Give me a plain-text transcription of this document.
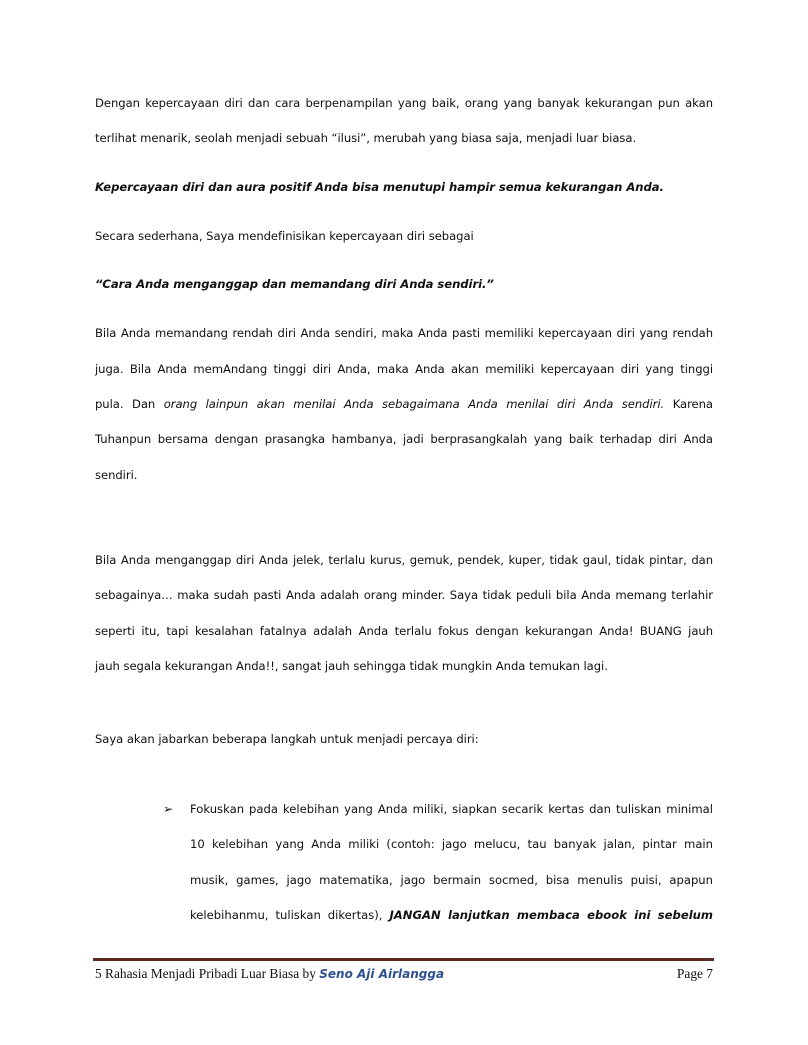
Dengan kepercayaan diri dan cara berpenampilan yang baik, orang yang banyak kekurangan pun akan
terlihat menarik, seolah menjadi sebuah “ilusi”, merubah yang biasa saja, menjadi luar biasa.
Kepercayaan diri dan aura positif Anda bisa menutupi hampir semua kekurangan Anda.
Secara sederhana, Saya mendefinisikan kepercayaan diri sebagai
“Cara Anda menganggap dan memandang diri Anda sendiri.”
Bila Anda memandang rendah diri Anda sendiri, maka Anda pasti memiliki kepercayaan diri yang rendah
juga. Bila Anda memAndang tinggi diri Anda, maka Anda akan memiliki kepercayaan diri yang tinggi
pula. Dan orang lainpun akan menilai Anda sebagaimana Anda menilai diri Anda sendiri. Karena
Tuhanpun bersama dengan prasangka hambanya, jadi berprasangkalah yang baik terhadap diri Anda
sendiri.
Bila Anda menganggap diri Anda jelek, terlalu kurus, gemuk, pendek, kuper, tidak gaul, tidak pintar, dan
sebagainya… maka sudah pasti Anda adalah orang minder. Saya tidak peduli bila Anda memang terlahir
seperti itu, tapi kesalahan fatalnya adalah Anda terlalu fokus dengan kekurangan Anda! BUANG jauh
jauh segala kekurangan Anda!!, sangat jauh sehingga tidak mungkin Anda temukan lagi.
Saya akan jabarkan beberapa langkah untuk menjadi percaya diri:
➢ Fokuskan pada kelebihan yang Anda miliki, siapkan secarik kertas dan tuliskan minimal
10 kelebihan yang Anda miliki (contoh: jago melucu, tau banyak jalan, pintar main
musik, games, jago matematika, jago bermain socmed, bisa menulis puisi, apapun
kelebihanmu, tuliskan dikertas), JANGAN lanjutkan membaca ebook ini sebelum
5 Rahasia Menjadi Pribadi Luar Biasa by Seno Aji Airlangga	Page 7
